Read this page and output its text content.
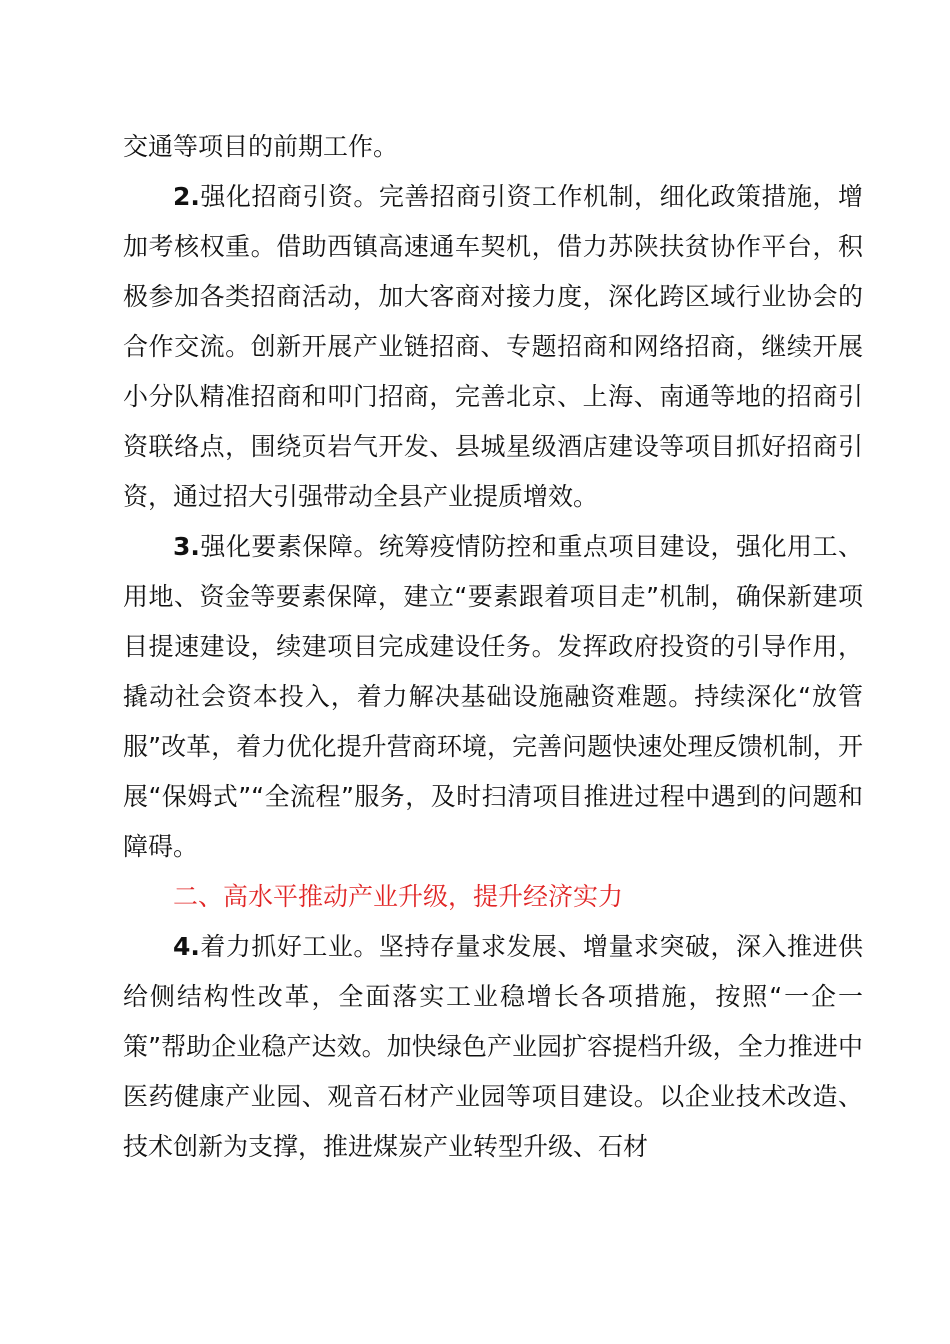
交通等项目的前期工作。

2.强化招商引资。完善招商引资工作机制，细化政策措施，增加考核权重。借助西镇高速通车契机，借力苏陕扶贫协作平台，积极参加各类招商活动，加大客商对接力度，深化跨区域行业协会的合作交流。创新开展产业链招商、专题招商和网络招商，继续开展小分队精准招商和叩门招商，完善北京、上海、南通等地的招商引资联络点，围绕页岩气开发、县城星级酒店建设等项目抓好招商引资，通过招大引强带动全县产业提质增效。

3.强化要素保障。统筹疫情防控和重点项目建设，强化用工、用地、资金等要素保障，建立“要素跟着项目走”机制，确保新建项目提速建设，续建项目完成建设任务。发挥政府投资的引导作用，撬动社会资本投入，着力解决基础设施融资难题。持续深化“放管服”改革，着力优化提升营商环境，完善问题快速处理反馈机制，开展“保姆式”“全流程”服务，及时扫清项目推进过程中遇到的问题和障碍。

二、高水平推动产业升级，提升经济实力

4.着力抓好工业。坚持存量求发展、增量求突破，深入推进供给侧结构性改革，全面落实工业稳增长各项措施，按照“一企一策”帮助企业稳产达效。加快绿色产业园扩容提档升级，全力推进中医药健康产业园、观音石材产业园等项目建设。以企业技术改造、技术创新为支撑，推进煤炭产业转型升级、石材
